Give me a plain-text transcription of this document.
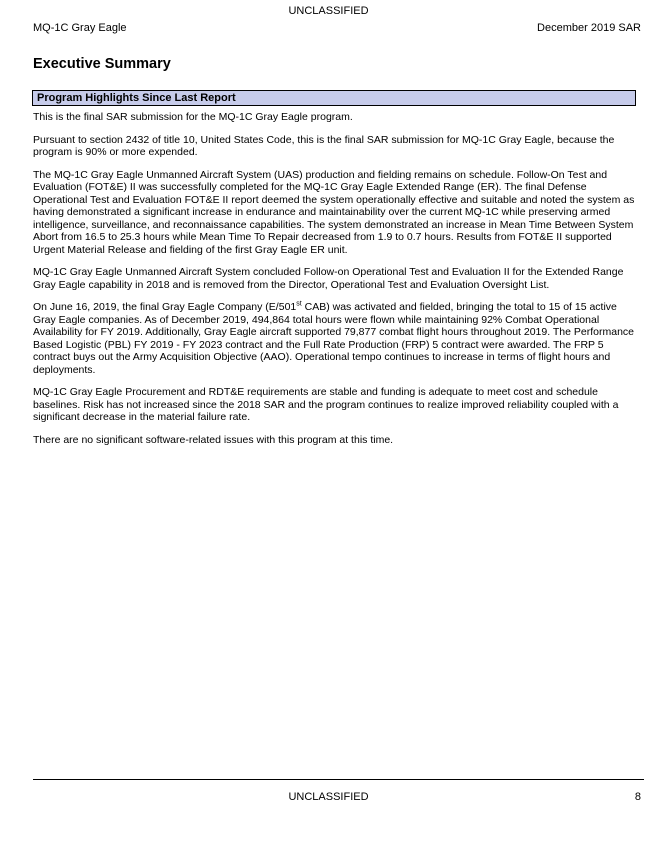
UNCLASSIFIED
MQ-1C Gray Eagle	December 2019 SAR
Executive Summary
Program Highlights Since Last Report

This is the final SAR submission for the MQ-1C Gray Eagle program.

Pursuant to section 2432 of title 10, United States Code, this is the final SAR submission for MQ-1C Gray Eagle, because the program is 90% or more expended.

The MQ-1C Gray Eagle Unmanned Aircraft System (UAS) production and fielding remains on schedule. Follow-On Test and Evaluation (FOT&E) II was successfully completed for the MQ-1C Gray Eagle Extended Range (ER). The final Defense Operational Test and Evaluation FOT&E II report deemed the system operationally effective and suitable and noted the system as having demonstrated a significant increase in endurance and maintainability over the current MQ-1C while preserving armed intelligence, surveillance, and reconnaissance capabilities. The system demonstrated an increase in Mean Time Between System Abort from 16.5 to 25.3 hours while Mean Time To Repair decreased from 1.9 to 0.7 hours. Results from FOT&E II supported Urgent Material Release and fielding of the first Gray Eagle ER unit.

MQ-1C Gray Eagle Unmanned Aircraft System concluded Follow-on Operational Test and Evaluation II for the Extended Range Gray Eagle capability in 2018 and is removed from the Director, Operational Test and Evaluation Oversight List.

On June 16, 2019, the final Gray Eagle Company (E/501st CAB) was activated and fielded, bringing the total to 15 of 15 active Gray Eagle companies. As of December 2019, 494,864 total hours were flown while maintaining 92% Combat Operational Availability for FY 2019. Additionally, Gray Eagle aircraft supported 79,877 combat flight hours throughout 2019. The Performance Based Logistic (PBL) FY 2019 - FY 2023 contract and the Full Rate Production (FRP) 5 contract were awarded. The FRP 5 contract buys out the Army Acquisition Objective (AAO). Operational tempo continues to increase in terms of flight hours and deployments.

MQ-1C Gray Eagle Procurement and RDT&E requirements are stable and funding is adequate to meet cost and schedule baselines. Risk has not increased since the 2018 SAR and the program continues to realize improved reliability coupled with a significant decrease in the material failure rate.

There are no significant software-related issues with this program at this time.

UNCLASSIFIED	8
